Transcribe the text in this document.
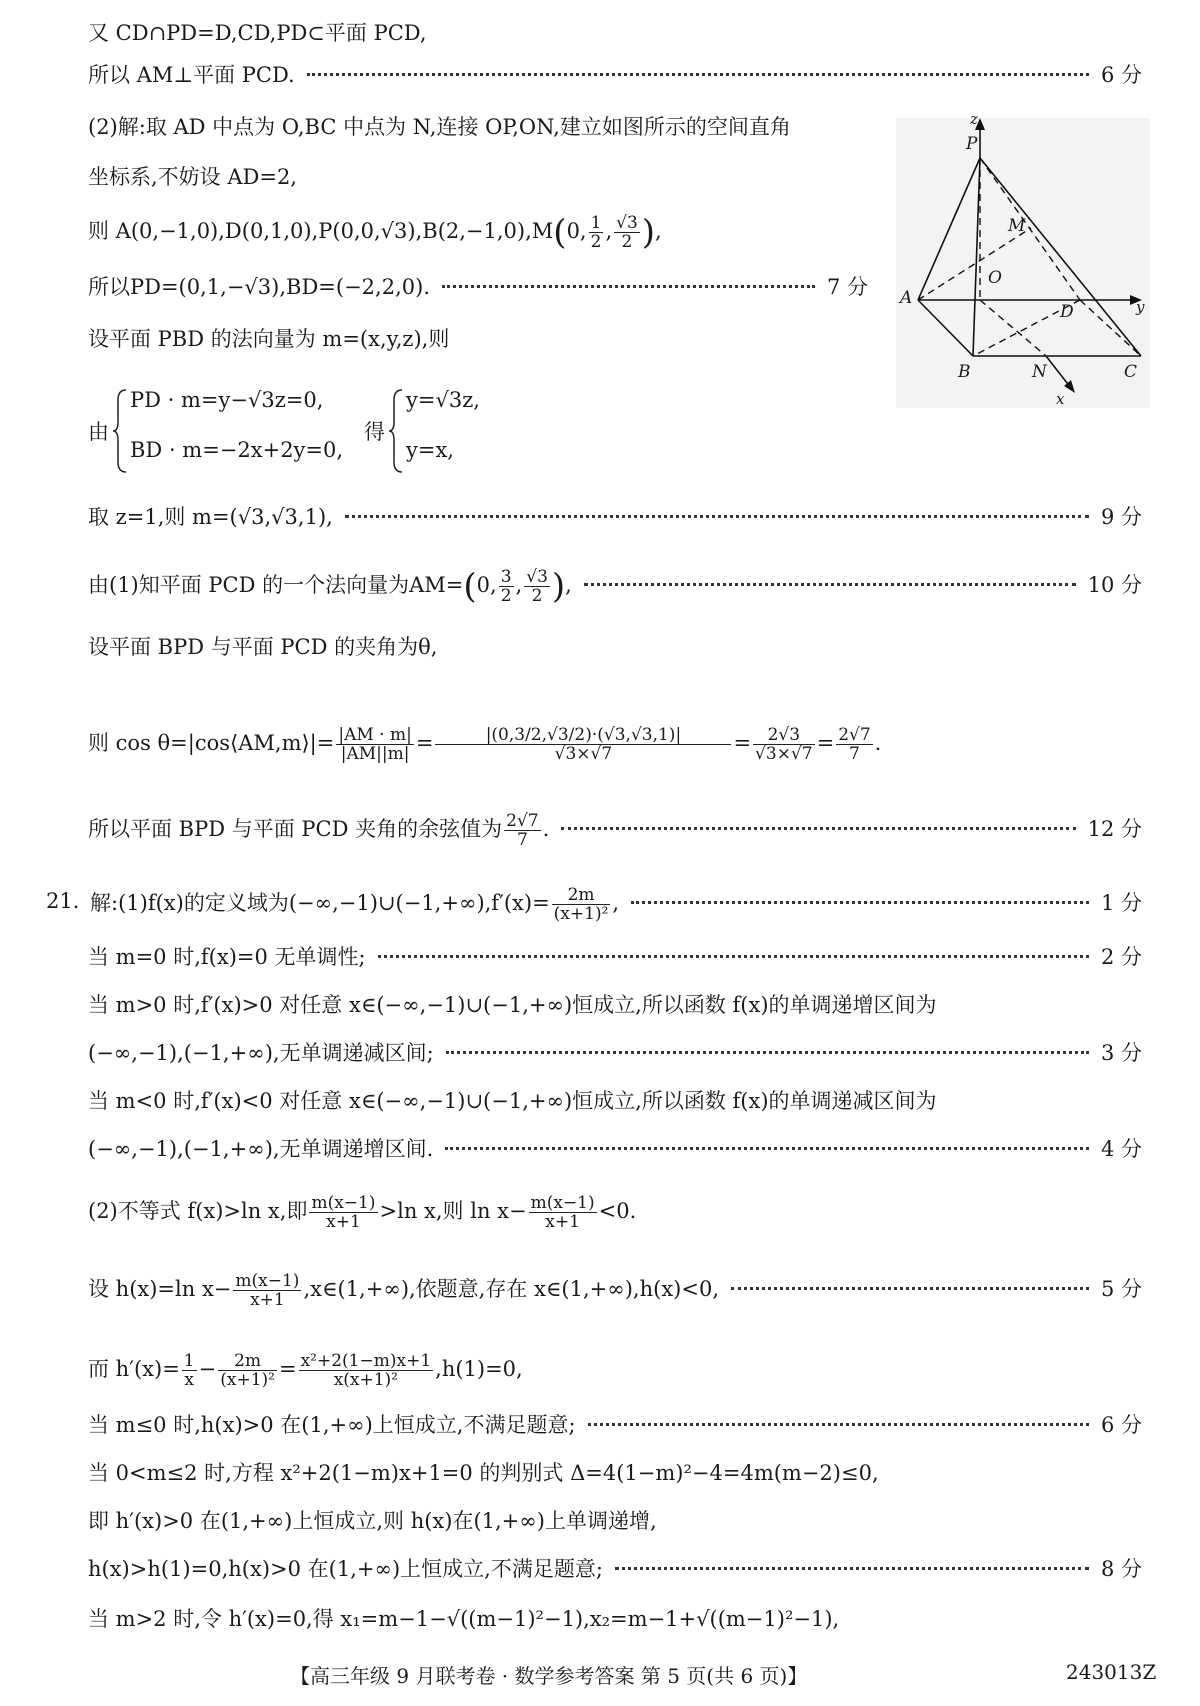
又 CD∩PD=D,CD,PD⊂平面 PCD,
所以 AM⊥平面 PCD.	6 分
(2)解:取 AD 中点为 O,BC 中点为 N,连接 OP,ON,建立如图所示的空间直角
坐标系,不妨设 AD=2,
则 A(0,−1,0),D(0,1,0),P(0,0,√3),B(2,−1,0),M(0, $\frac{1}{2}$ , $\frac{√3}{2}$ ),
所以PD=(0,1,−√3),BD=(−2,2,0).	7 分
设平面 PBD 的法向量为 m=(x,y,z),则
由
PD · m=y−√3z=0,
BD · m=−2x+2y=0,
得
y=√3z,
y=x,
取 z=1,则 m=(√3,√3,1),	9 分
由(1)知平面 PCD 的一个法向量为AM=(0, $\frac{3}{2}$ , $\frac{√3}{2}$ ),	10 分
设平面 BPD 与平面 PCD 的夹角为θ,
则 cos θ=|cos⟨AM,m⟩|= $\frac{|AM \cdot m|}{|AM||m|} = \frac{|(0,3/2,√3/2)\cdot(√3,√3,1)|}{√3\times√7} = \frac{2√3}{√3\times√7} = \frac{2√7}{7}$ .
所以平面 BPD 与平面 PCD 夹角的余弦值为 $\frac{2√7}{7}$ .	12 分
21. 解:(1)f(x)的定义域为(−∞,−1)∪(−1,+∞),f′(x)= $\frac{2m}{\text{(x+1)²}}$ ,	1 分
当 m=0 时,f(x)=0 无单调性;	2 分
当 m>0 时,f′(x)>0 对任意 x∈(−∞,−1)∪(−1,+∞)恒成立,所以函数 f(x)的单调递增区间为
(−∞,−1),(−1,+∞),无单调递减区间;	3 分
当 m<0 时,f′(x)<0 对任意 x∈(−∞,−1)∪(−1,+∞)恒成立,所以函数 f(x)的单调递减区间为
(−∞,−1),(−1,+∞),无单调递增区间.	4 分
(2)不等式 f(x)>ln x,即 $\frac{m(x-1)}{x+1} >\ln$ x,则 $\ln x- \frac{m(x-1)}{x+1} <0$.
设 h(x)=ln $x- \frac{m(x-1)}{x+1}$ ,x∈(1,+∞),依题意,存在 x∈(1,+∞),h(x)<0,	5 分
而 $h'(x)= \frac{1}{x} - \frac{2m}{\text{(x+1)²}} = \frac{\text{x²+2(1−m)x+1}}{\text{x(x+1)²}} ,h(1)=0$,
当 m≤0 时,h(x)>0 在(1,+∞)上恒成立,不满足题意;	6 分
当 0<m≤2 时,方程 x²+2(1−m)x+1=0 的判别式 Δ=4(1−m)²−4=4m(m−2)≤0,
即 h′(x)>0 在(1,+∞)上恒成立,则 h(x)在(1,+∞)上单调递增,
h(x)>h(1)=0,h(x)>0 在(1,+∞)上恒成立,不满足题意;	8 分
当 m>2 时,令 h′(x)=0,得 x₁=m−1−√((m−1)²−1),x₂=m−1+√((m−1)²−1),
z
P
M
A
O
D	y
B	N	C
x
【高三年级 9 月联考卷 · 数学参考答案 第 5 页(共 6 页)】	243013Z
